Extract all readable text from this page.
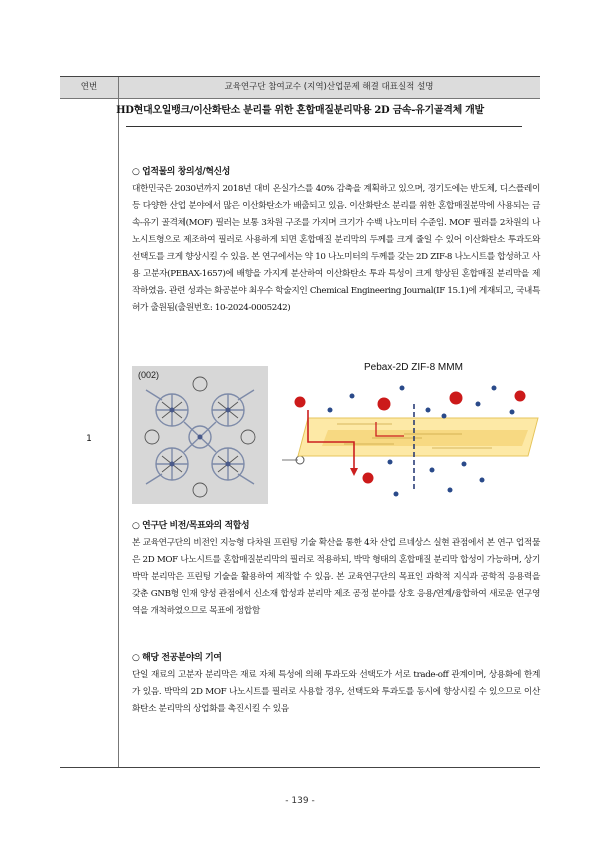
연번	교육연구단 참여교수 (지역)산업문제 해결 대표실적 설명
1
HD현대오일뱅크/이산화탄소 분리를 위한 혼합매질분리막용 2D 금속-유기골격체 개발
○ 업적물의 창의성/혁신성

대한민국은 2030년까지 2018년 대비 온실가스를 40% 감축을 계획하고 있으며, 경기도에는 반도체, 디스플레이 등 다양한 산업 분야에서 많은 이산화탄소가 배출되고 있음. 이산화탄소 분리를 위한 혼합매질분막에 사용되는 금속-유기 골격체(MOF) 필러는 보통 3차원 구조를 가지며 크기가 수백 나노미터 수준임. MOF 필러를 2차원의 나노시트형으로 제조하여 필러로 사용하게 되면 혼합매질 분리막의 두께를 크게 줄일 수 있어 이산화탄소 투과도와 선택도를 크게 향상시킬 수 있음. 본 연구에서는 약 10 나노미터의 두께를 갖는 2D ZIF-8 나노시트를 합성하고 사용 고분자(PEBAX-1657)에 배향을 가지게 분산하여 이산화탄소 투과 특성이 크게 향상된 혼합매질 분리막을 제작하였음. 관련 성과는 화공분야 최우수 학술지인 Chemical Engineering Journal(IF 15.1)에 게재되고, 국내특허가 출원됨(출원번호: 10-2024-0005242)

(002)
Pebax-2D ZIF-8 MMM
○ 연구단 비전/목표와의 적합성

본 교육연구단의 비전인 지능형 다차원 프린팅 기술 확산을 통한 4차 산업 르네상스 실현 관점에서 본 연구 업적물은 2D MOF 나노시트를 혼합매질분리막의 필러로 적용하되, 박막 형태의 혼합매질 분리막 합성이 가능하며, 상기 박막 분리막은 프린팅 기술을 활용하여 제작할 수 있음. 본 교육연구단의 목표인 과학적 지식과 공학적 응용력을 갖춘 GNB형 인재 양성 관점에서 신소재 합성과 분리막 제조 공정 분야를 상호 응용/연계/융합하여 새로운 연구영역을 개척하였으므로 목표에 정합함

○ 해당 전공분야의 기여

단일 재료의 고분자 분리막은 재료 자체 특성에 의해 투과도와 선택도가 서로 trade-off 관계이며, 상용화에 한계가 있음. 박막의 2D MOF 나노시트를 필러로 사용할 경우, 선택도와 투과도를 동시에 향상시킬 수 있으므로 이산화탄소 분리막의 상업화를 촉진시킬 수 있음

- 139 -
